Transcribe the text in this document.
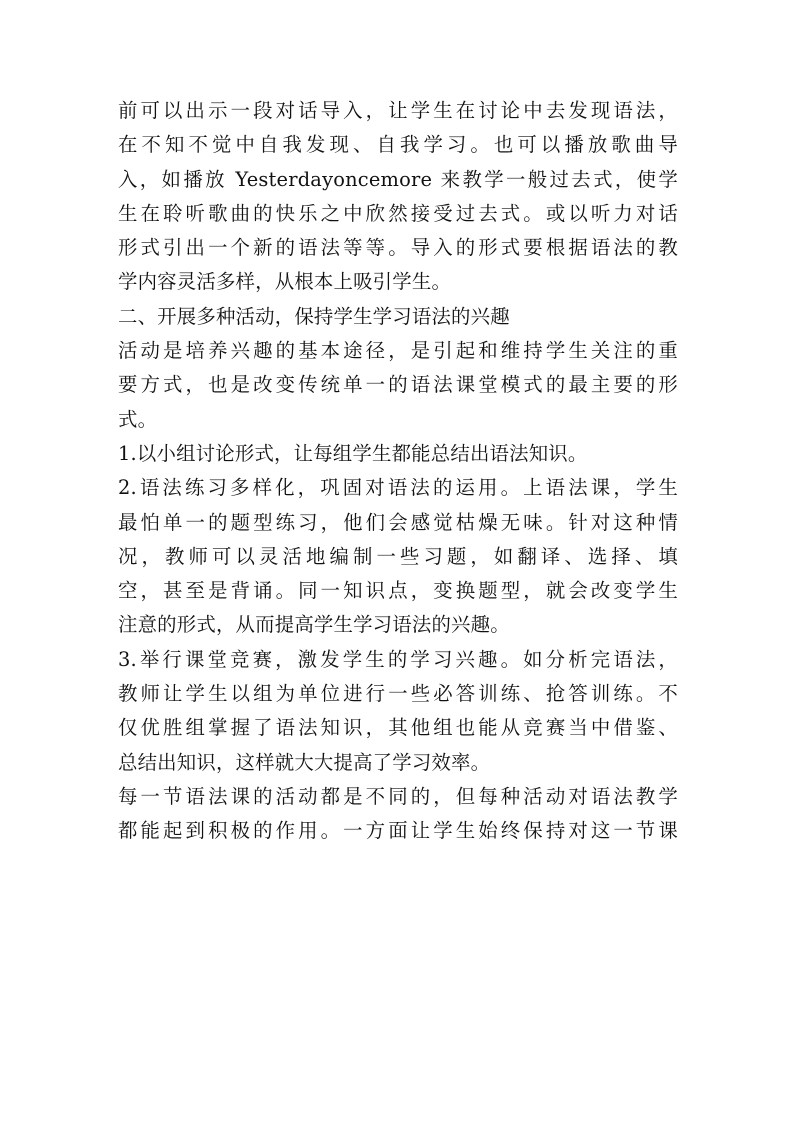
前可以出示一段对话导入，让学生在讨论中去发现语法，
在不知不觉中自我发现、自我学习。也可以播放歌曲导
入，如播放 Yesterdayoncemore 来教学一般过去式，使学
生在聆听歌曲的快乐之中欣然接受过去式。或以听力对话
形式引出一个新的语法等等。导入的形式要根据语法的教
学内容灵活多样，从根本上吸引学生。
二、开展多种活动，保持学生学习语法的兴趣
活动是培养兴趣的基本途径，是引起和维持学生关注的重
要方式，也是改变传统单一的语法课堂模式的最主要的形
式。
1.以小组讨论形式，让每组学生都能总结出语法知识。
2.语法练习多样化，巩固对语法的运用。上语法课，学生
最怕单一的题型练习，他们会感觉枯燥无味。针对这种情
况，教师可以灵活地编制一些习题，如翻译、选择、填
空，甚至是背诵。同一知识点，变换题型，就会改变学生
注意的形式，从而提高学生学习语法的兴趣。
3.举行课堂竞赛，激发学生的学习兴趣。如分析完语法，
教师让学生以组为单位进行一些必答训练、抢答训练。不
仅优胜组掌握了语法知识，其他组也能从竞赛当中借鉴、
总结出知识，这样就大大提高了学习效率。
每一节语法课的活动都是不同的，但每种活动对语法教学
都能起到积极的作用。一方面让学生始终保持对这一节课
